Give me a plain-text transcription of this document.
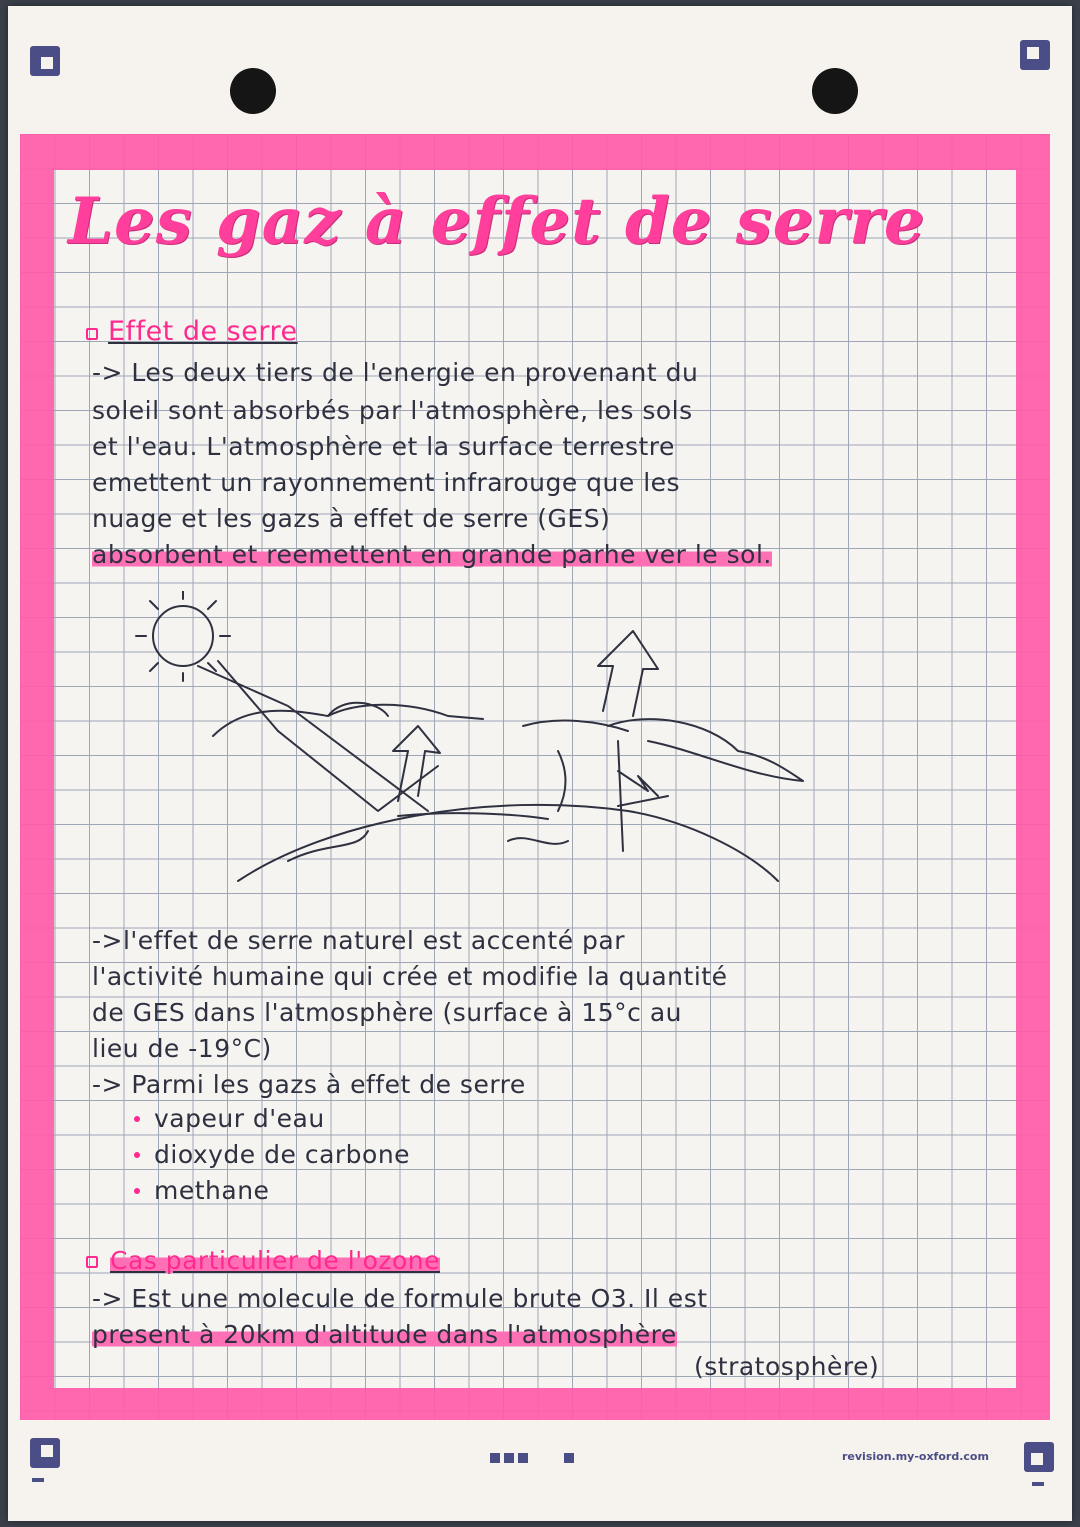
Les gaz à effet de serre

Effet de serre

-> Les deux tiers de l'energie en provenant du

soleil sont absorbés par l'atmosphère, les sols

et l'eau. L'atmosphère et la surface terrestre

emettent un rayonnement infrarouge que les

nuage et les gazs à effet de serre (GES)

absorbent et reemettent en grande parhe ver le sol.

->l'effet de serre naturel est accenté par

l'activité humaine qui crée et modifie la quantité

de GES dans l'atmosphère (surface à 15°c au

lieu de -19°C)

-> Parmi les gazs à effet de serre

vapeur d'eau

dioxyde de carbone

methane

Cas particulier de l'ozone

-> Est une molecule de formule brute O3. Il est

present à 20km d'altitude dans l'atmosphère

(stratosphère)

revision.my-oxford.com
